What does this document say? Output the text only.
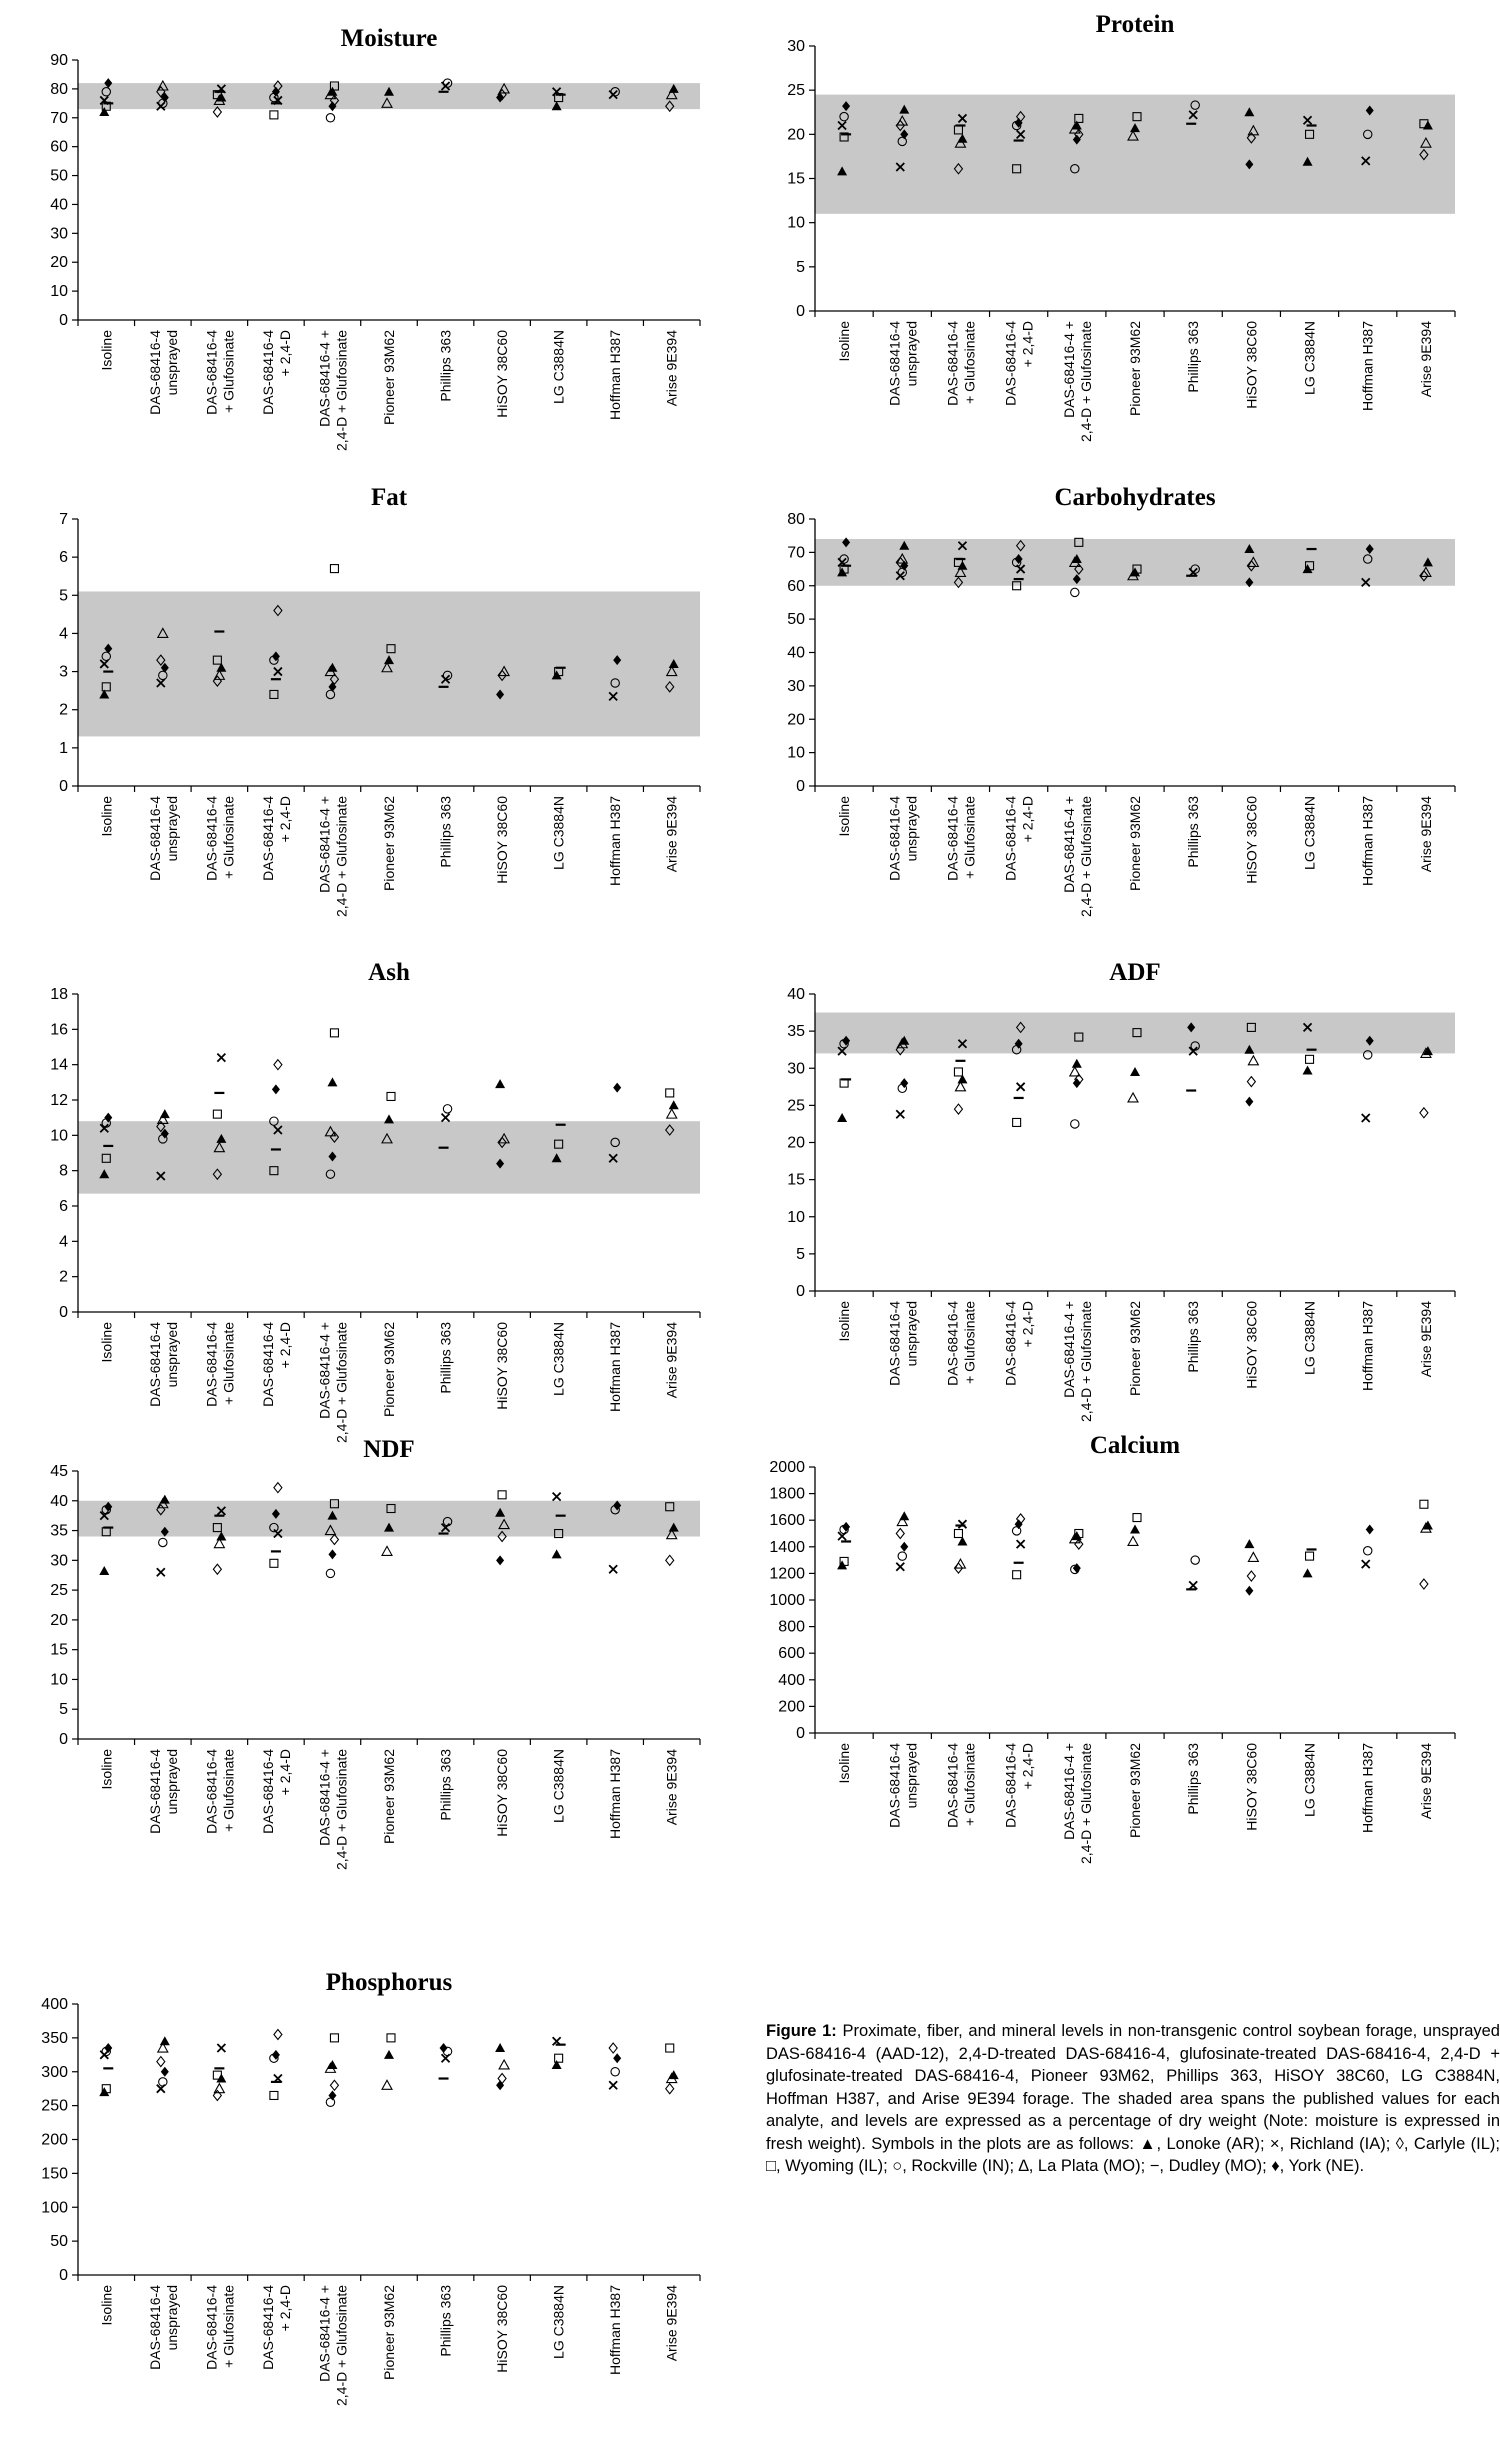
Moisture
0
10
20
30
40
50
60
70
80
90
Isoline DAS-68416-4unsprayed DAS-68416-4+ Glufosinate DAS-68416-4+ 2,4-D DAS-68416-4 +2,4-D + Glufosinate Pioneer 93M62	Phillips 363	HiSOY 38C60	LG C3884N	Hoffman H387	Arise 9E394
Protein
0
5
10
15
20
25
30
Isoline DAS-68416-4unsprayed DAS-68416-4+ Glufosinate DAS-68416-4+ 2,4-D DAS-68416-4 +2,4-D + Glufosinate Pioneer 93M62	Phillips 363	HiSOY 38C60	LG C3884N	Hoffman H387	Arise 9E394
Fat
0
1
2
3
4
5
6
7
Isoline DAS-68416-4unsprayed DAS-68416-4+ Glufosinate DAS-68416-4+ 2,4-D DAS-68416-4 +2,4-D + Glufosinate Pioneer 93M62	Phillips 363	HiSOY 38C60	LG C3884N	Hoffman H387	Arise 9E394
Carbohydrates
0
10
20
30
40
50
60
70
80
Isoline DAS-68416-4unsprayed DAS-68416-4+ Glufosinate DAS-68416-4+ 2,4-D DAS-68416-4 +2,4-D + Glufosinate Pioneer 93M62	Phillips 363	HiSOY 38C60	LG C3884N	Hoffman H387	Arise 9E394
Ash
0
2
4
6
8
10
12
14
16
18
Isoline DAS-68416-4unsprayed DAS-68416-4+ Glufosinate DAS-68416-4+ 2,4-D DAS-68416-4 +2,4-D + Glufosinate Pioneer 93M62	Phillips 363	HiSOY 38C60	LG C3884N	Hoffman H387	Arise 9E394
ADF
0
5
10
15
20
25
30
35
40
Isoline DAS-68416-4unsprayed DAS-68416-4+ Glufosinate DAS-68416-4+ 2,4-D DAS-68416-4 +2,4-D + Glufosinate Pioneer 93M62	Phillips 363	HiSOY 38C60	LG C3884N	Hoffman H387	Arise 9E394
NDF
0
5
10
15
20
25
30
35
40
45
Isoline DAS-68416-4unsprayed DAS-68416-4+ Glufosinate DAS-68416-4+ 2,4-D DAS-68416-4 +2,4-D + Glufosinate Pioneer 93M62	Phillips 363	HiSOY 38C60	LG C3884N	Hoffman H387	Arise 9E394
Calcium
0
200
400
600
800
1000
1200
1400
1600
1800
2000
Isoline DAS-68416-4unsprayed DAS-68416-4+ Glufosinate DAS-68416-4+ 2,4-D DAS-68416-4 +2,4-D + Glufosinate Pioneer 93M62	Phillips 363	HiSOY 38C60	LG C3884N	Hoffman H387	Arise 9E394
Phosphorus
0
50
100
150
200
250
300
350
400
Isoline DAS-68416-4unsprayed DAS-68416-4+ Glufosinate DAS-68416-4+ 2,4-D DAS-68416-4 +2,4-D + Glufosinate Pioneer 93M62	Phillips 363	HiSOY 38C60	LG C3884N	Hoffman H387	Arise 9E394
Figure 1: Proximate, fiber, and mineral levels in non-transgenic control soybean forage, unsprayed DAS-68416-4 (AAD-12), 2,4-D-treated DAS-68416-4, glufosinate-treated DAS-68416-4, 2,4-D + glufosinate-treated DAS-68416-4, Pioneer 93M62, Phillips 363, HiSOY 38C60, LG C3884N, Hoffman H387, and Arise 9E394 forage. The shaded area spans the published values for each analyte, and levels are expressed as a percentage of dry weight (Note: moisture is expressed in fresh weight). Symbols in the plots are as follows: ▲, Lonoke (AR); ×, Richland (IA); ◊, Carlyle (IL); □, Wyoming (IL); ○, Rockville (IN); ∆, La Plata (MO); −, Dudley (MO); ♦, York (NE).
